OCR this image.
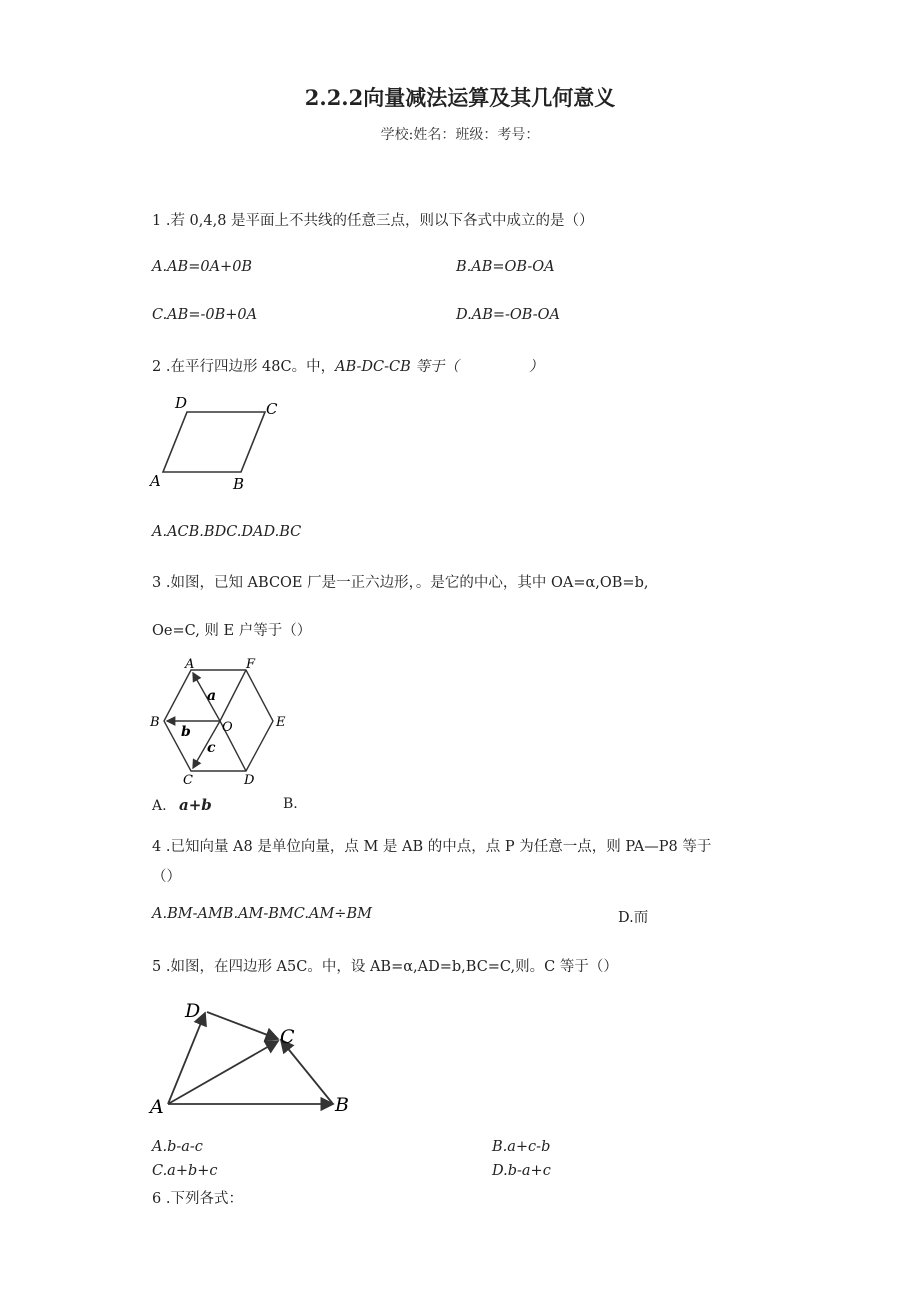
2.2.2向量减法运算及其几何意义
学校:姓名：班级：考号：
1 .若 0,4,8 是平面上不共线的任意三点，则以下各式中成立的是（）
A.AB=0A+0B	B.AB=OB-OA
C.AB=-0B+0A	D.AB=-OB-OA
2 .在平行四边形 48C。中，AB-DC-CB 等于（	）
D	C
A	B
A.ACB.BDC.DAD.BC
3 .如图，已知 ABCOE 厂是一正六边形，。是它的中心，其中 OA=α,OB=b,
Oe=C, 则 E 户等于（）
A	F
B	O	E
C	D
a
b
c
A. a+b	B.
4 .已知向量 A8 是单位向量，点 M 是 AB 的中点，点 P 为任意一点，则 PA—P8 等于
（）
A.BM-AMB.AM-BMC.AM÷BM	D.而
5 .如图，在四边形 A5C。中，设 AB=α,AD=b,BC=C,则。C 等于（）
D
C
A	B
A.b-a-c	B.a+c-b
C.a+b+c	D.b-a+c
6 .下列各式：
